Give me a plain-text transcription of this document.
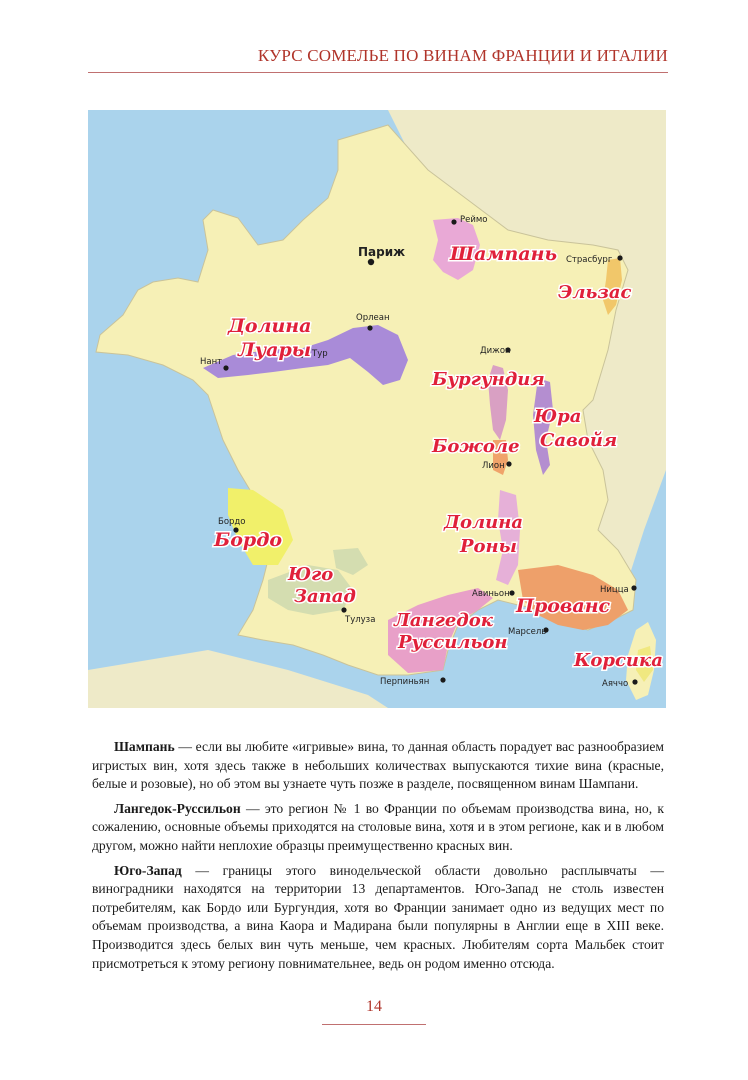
КУРС СОМЕЛЬЕ ПО ВИНАМ ФРАНЦИИ И ИТАЛИИ
Реймо
Париж
Страсбург
Орлеан
Нант
Тур	Дижон
Лион
Бордо
Авиньон	Ницца
Тулуза
Марсель
Перпиньян	Аяччо
Шампань
Эльзас
Долина
Луары
Бургундия
Юра
Савойя
Божоле
Долина
Роны
Бордо
Юго
Запад	Прованс
Лангедок
Руссильон
Корсика

Шампань — если вы любите «игривые» вина, то данная область порадует вас разнообразием игристых вин, хотя здесь также в небольших количествах выпускаются тихие вина (красные, белые и розовые), но об этом вы узнаете чуть позже в разделе, посвященном винам Шампани.

Лангедок-Руссильон — это регион № 1 во Франции по объемам производства вина, но, к сожалению, основные объемы приходятся на столовые вина, хотя и в этом регионе, как и в любом другом, можно найти неплохие образцы преимущественно красных вин.

Юго-Запад — границы этого винодельческой области довольно расплывчаты — виноградники находятся на территории 13 департаментов. Юго-Запад не столь известен потребителям, как Бордо или Бургундия, хотя во Франции занимает одно из ведущих мест по объемам производства, а вина Каора и Мадирана были популярны в Англии еще в XIII веке. Производится здесь белых вин чуть меньше, чем красных. Любителям сорта Мальбек стоит присмотреться к этому региону повнимательнее, ведь он родом именно отсюда.

14
